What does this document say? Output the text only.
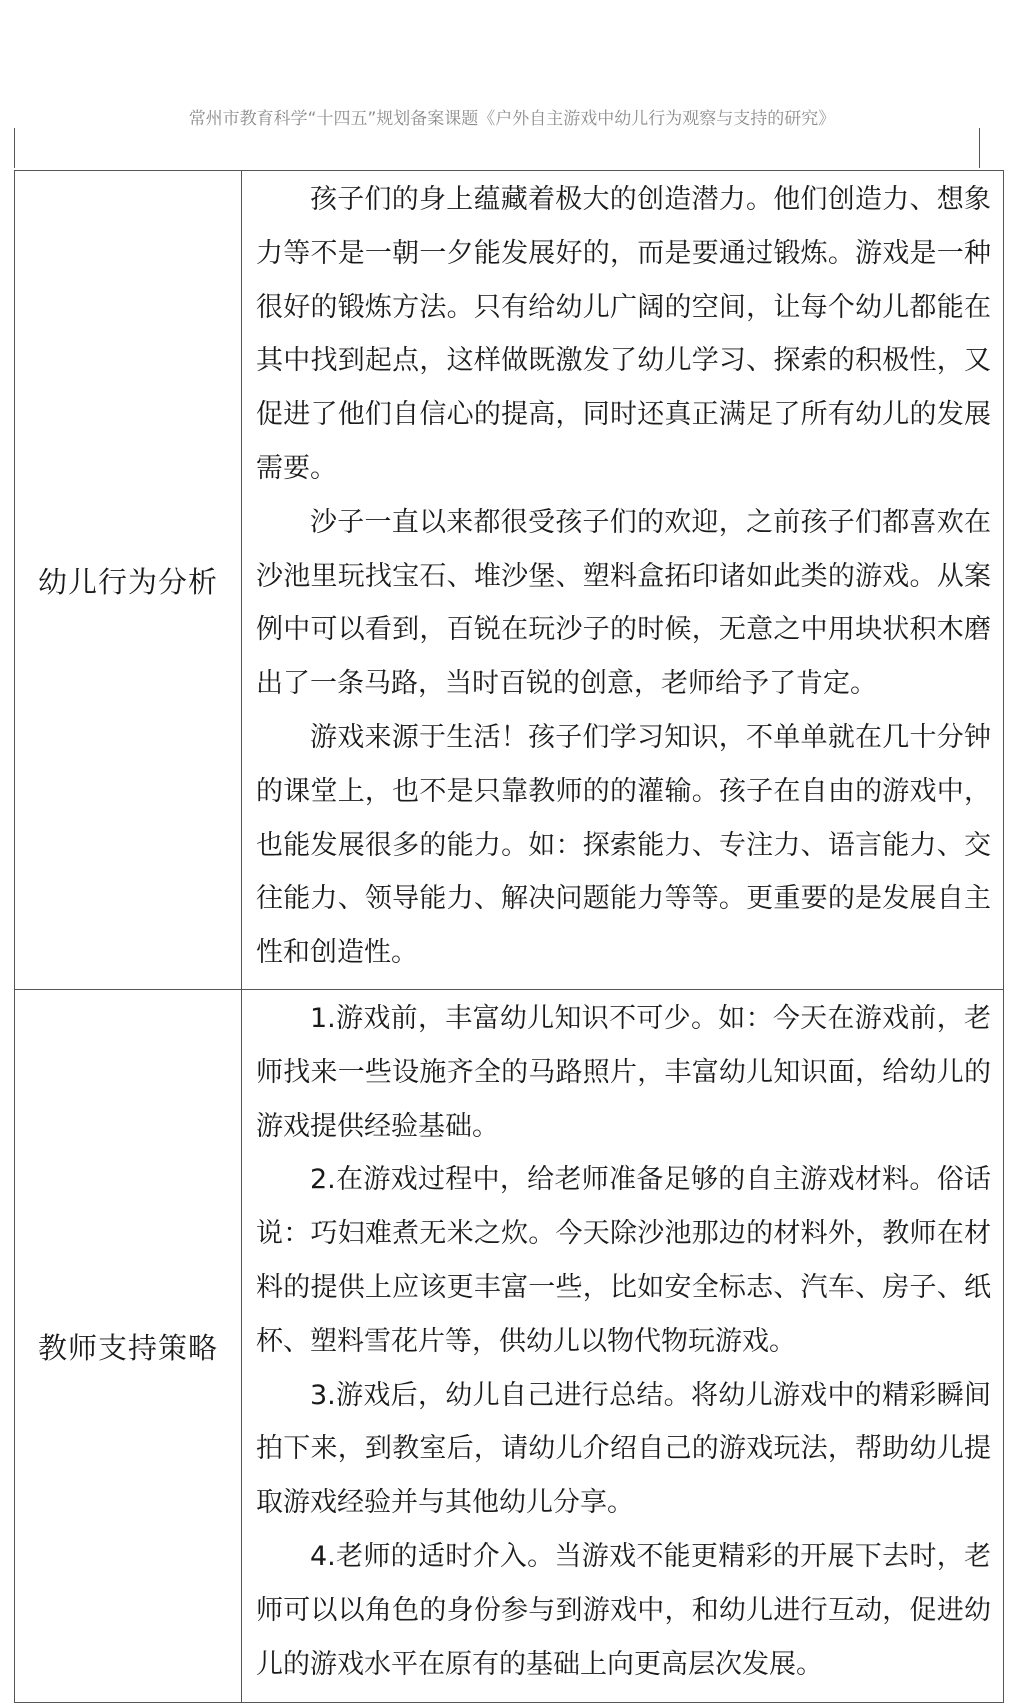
常州市教育科学“十四五”规划备案课题《户外自主游戏中幼儿行为观察与支持的研究》
幼儿行为分析	孩子们的身上蕴藏着极大的创造潜力。他们创造力、想象力等不是一朝一夕能发展好的，而是要通过锻炼。游戏是一种很好的锻炼方法。只有给幼儿广阔的空间，让每个幼儿都能在其中找到起点，这样做既激发了幼儿学习、探索的积极性，又促进了他们自信心的提高，同时还真正满足了所有幼儿的发展需要。

沙子一直以来都很受孩子们的欢迎，之前孩子们都喜欢在沙池里玩找宝石、堆沙堡、塑料盒拓印诸如此类的游戏。从案例中可以看到，百锐在玩沙子的时候，无意之中用块状积木磨出了一条马路，当时百锐的创意，老师给予了肯定。

游戏来源于生活！孩子们学习知识，不单单就在几十分钟的课堂上，也不是只靠教师的的灌输。孩子在自由的游戏中，也能发展很多的能力。如：探索能力、专注力、语言能力、交往能力、领导能力、解决问题能力等等。更重要的是发展自主性和创造性。

教师支持策略	1.游戏前，丰富幼儿知识不可少。如：今天在游戏前，老师找来一些设施齐全的马路照片，丰富幼儿知识面，给幼儿的游戏提供经验基础。

2.在游戏过程中，给老师准备足够的自主游戏材料。俗话说：巧妇难煮无米之炊。今天除沙池那边的材料外，教师在材料的提供上应该更丰富一些，比如安全标志、汽车、房子、纸杯、塑料雪花片等，供幼儿以物代物玩游戏。

3.游戏后，幼儿自己进行总结。将幼儿游戏中的精彩瞬间拍下来，到教室后，请幼儿介绍自己的游戏玩法，帮助幼儿提取游戏经验并与其他幼儿分享。

4.老师的适时介入。当游戏不能更精彩的开展下去时，老师可以以角色的身份参与到游戏中，和幼儿进行互动，促进幼儿的游戏水平在原有的基础上向更高层次发展。
